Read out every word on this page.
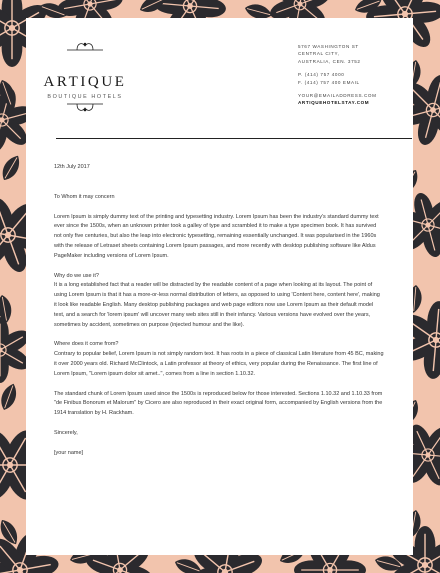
ARTIQUE
BOUTIQUE HOTELS
5767 WASHINGTON ST
CENTRAL CITY,
AUSTRALIA, CEN. 3752
P. (414) 757 4000
F. (414) 757 400 EMAIL
YOUR@EMAILADDRESS.COM
ARTIQUEHOTELSTAY.COM

12th July 2017

To Whom it may concern

Lorem Ipsum is simply dummy text of the printing and typesetting industry. Lorem Ipsum has been the industry's standard dummy text ever since the 1500s, when an unknown printer took a galley of type and scrambled it to make a type specimen book. It has survived not only five centuries, but also the leap into electronic typesetting, remaining essentially unchanged. It was popularised in the 1960s with the release of Letraset sheets containing Lorem Ipsum passages, and more recently with desktop publishing software like Aldus PageMaker including versions of Lorem Ipsum.

Why do we use it?

It is a long established fact that a reader will be distracted by the readable content of a page when looking at its layout. The point of using Lorem Ipsum is that it has a more-or-less normal distribution of letters, as opposed to using 'Content here, content here', making it look like readable English. Many desktop publishing packages and web page editors now use Lorem Ipsum as their default model text, and a search for 'lorem ipsum' will uncover many web sites still in their infancy. Various versions have evolved over the years, sometimes by accident, sometimes on purpose (injected humour and the like).

Where does it come from?

Contrary to popular belief, Lorem Ipsum is not simply random text. It has roots in a piece of classical Latin literature from 45 BC, making it over 2000 years old. Richard McClintock, a Latin professor at theory of ethics, very popular during the Renaissance. The first line of Lorem Ipsum, "Lorem ipsum dolor sit amet..", comes from a line in section 1.10.32.

The standard chunk of Lorem Ipsum used since the 1500s is reproduced below for those interested. Sections 1.10.32 and 1.10.33 from "de Finibus Bonorum et Malorum" by Cicero are also reproduced in their exact original form, accompanied by English versions from the 1914 translation by H. Rackham.

Sincerely,

[your name]
